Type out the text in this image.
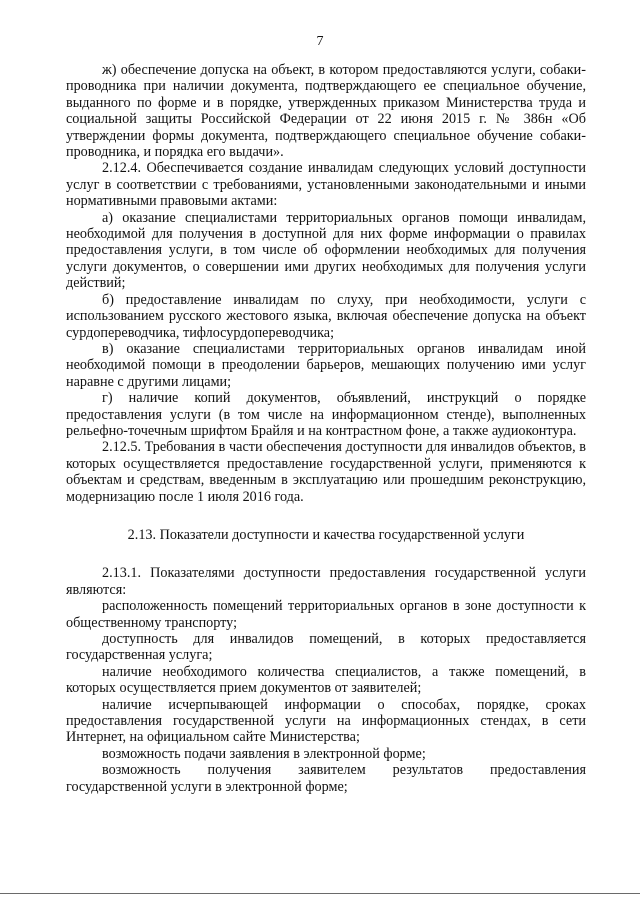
7

ж) обеспечение допуска на объект, в котором предоставляются услуги, собаки-проводника при наличии документа, подтверждающего ее специальное обучение, выданного по форме и в порядке, утвержденных приказом Министерства труда и социальной защиты Российской Федерации от 22 июня 2015 г. № 386н «Об утверждении формы документа, подтверждающего специальное обучение собаки-проводника, и порядка его выдачи».

2.12.4. Обеспечивается создание инвалидам следующих условий доступности услуг в соответствии с требованиями, установленными законодательными и иными нормативными правовыми актами:

а) оказание специалистами территориальных органов помощи инвалидам, необходимой для получения в доступной для них форме информации о правилах предоставления услуги, в том числе об оформлении необходимых для получения услуги документов, о совершении ими других необходимых для получения услуги действий;

б) предоставление инвалидам по слуху, при необходимости, услуги с использованием русского жестового языка, включая обеспечение допуска на объект сурдопереводчика, тифлосурдопереводчика;

в) оказание специалистами территориальных органов инвалидам иной необходимой помощи в преодолении барьеров, мешающих получению ими услуг наравне с другими лицами;

г) наличие копий документов, объявлений, инструкций о порядке предоставления услуги (в том числе на информационном стенде), выполненных рельефно-точечным шрифтом Брайля и на контрастном фоне, а также аудиоконтура.

2.12.5. Требования в части обеспечения доступности для инвалидов объектов, в которых осуществляется предоставление государственной услуги, применяются к объектам и средствам, введенным в эксплуатацию или прошедшим реконструкцию, модернизацию после 1 июля 2016 года.

2.13. Показатели доступности и качества государственной услуги

2.13.1. Показателями доступности предоставления государственной услуги являются:

расположенность помещений территориальных органов в зоне доступности к общественному транспорту;

доступность для инвалидов помещений, в которых предоставляется государственная услуга;

наличие необходимого количества специалистов, а также помещений, в которых осуществляется прием документов от заявителей;

наличие исчерпывающей информации о способах, порядке, сроках предоставления государственной услуги на информационных стендах, в сети Интернет, на официальном сайте Министерства;

возможность подачи заявления в электронной форме;

возможность получения заявителем результатов предоставления государственной услуги в электронной форме;
